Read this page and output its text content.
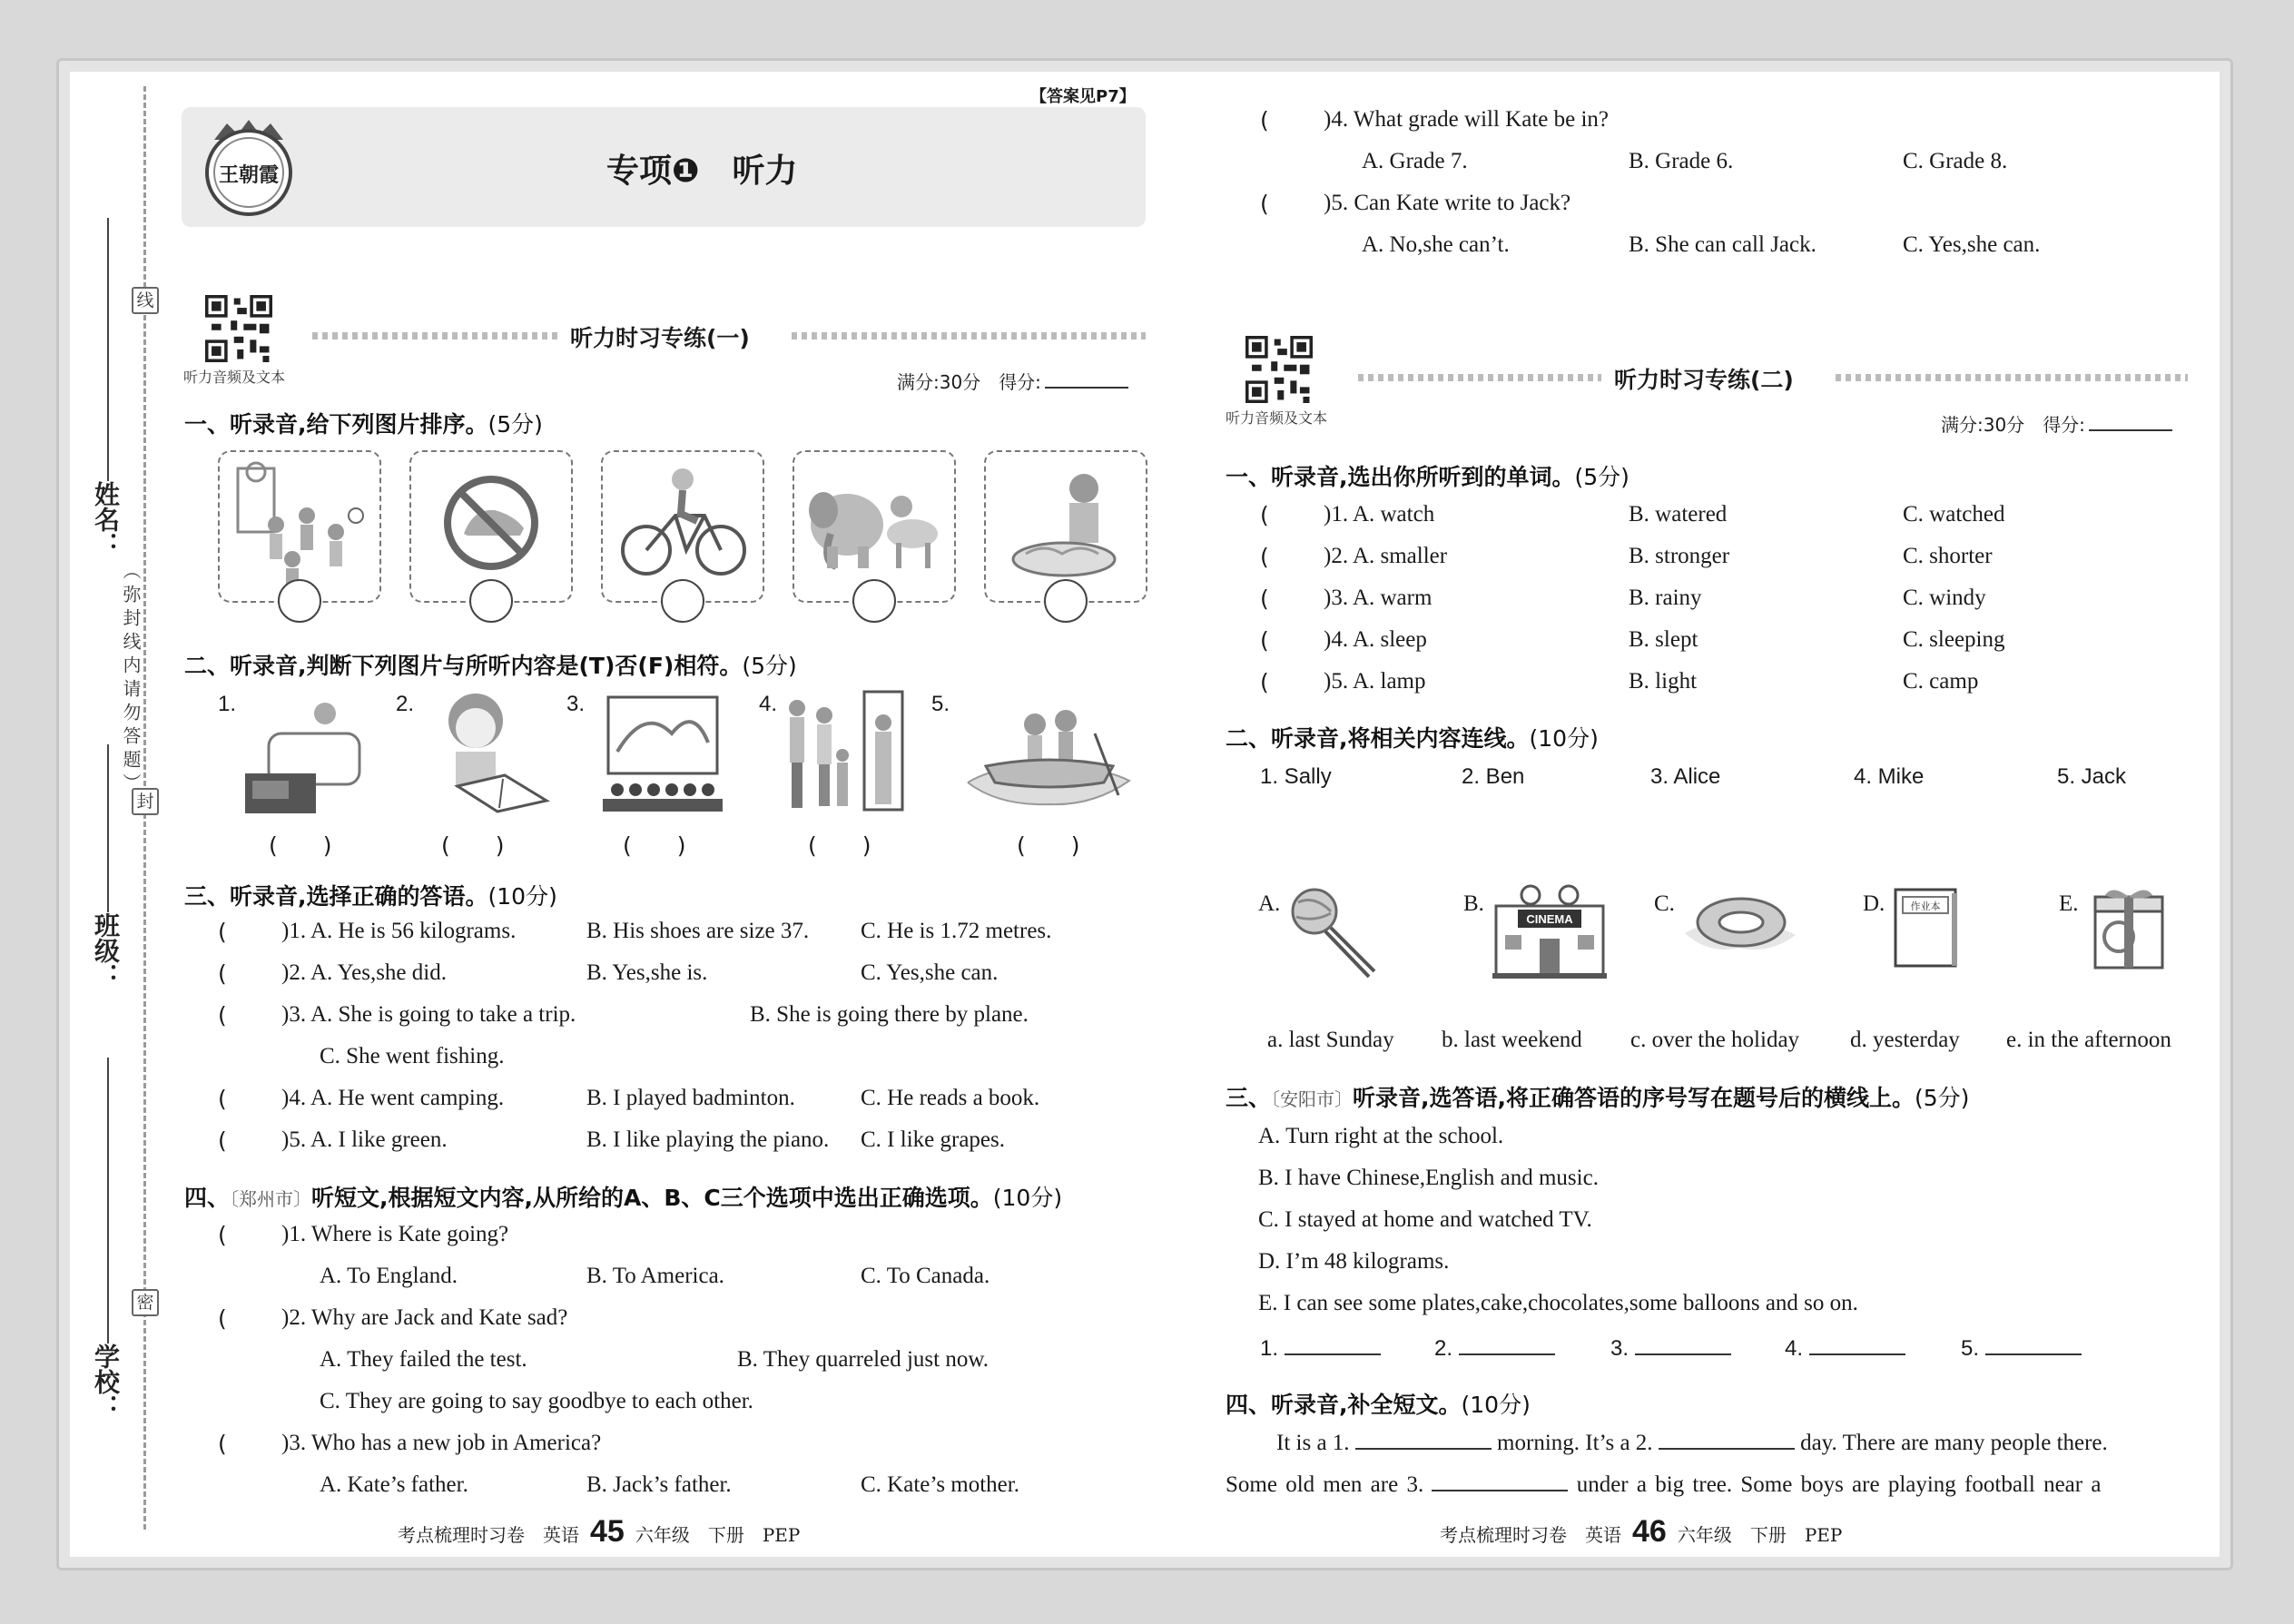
姓名：
班级：
学校：
线
封
密
（弥封线内请勿答题）
【答案见P7】
王朝霞	专项❶　听力
听力音频及文本
听力时习专练(一)
满分:30分　 得分:
一、听录音,给下列图片排序。(5分)
二、听录音,判断下列图片与所听内容是(T)否(F)相符。(5分)
1.
(　　)
2.
(　　)
3.
(　　)
4.
(　　)
5.
(　　)
三、听录音,选择正确的答语。(10分)
( )1. A. He is 56 kilograms.	B. His shoes are size 37. C. He is 1.72 metres.
( )2. A. Yes,she did.	B. Yes,she is.	C. Yes,she can.
( )3. A. She is going to take a trip.	B. She is going there by plane.
C. She went fishing.
( )4. A. He went camping.	B. I played badminton.	C. He reads a book.
( )5. A. I like green.	B. I like playing the piano. C. I like grapes.
四、〔郑州市〕听短文,根据短文内容,从所给的A、B、C三个选项中选出正确选项。(10分)
( )1. Where is Kate going?
A. To England.	B. To America.	C. To Canada.
( )2. Why are Jack and Kate sad?
A. They failed the test.	B. They quarreled just now.
C. They are going to say goodbye to each other.
( )3. Who has a new job in America?
A. Kate’s father.	B. Jack’s father.	C. Kate’s mother.
考点梳理时习卷　 英语 45 六年级　 下册　 PEP
( )4. What grade will Kate be in?
A. Grade 7.	B. Grade 6.	C. Grade 8.
( )5. Can Kate write to Jack?
A. No,she can’t.	B. She can call Jack.	C. Yes,she can.
听力音频及文本
听力时习专练(二)
满分:30分　 得分:
一、听录音,选出你所听到的单词。(5分)
( )1. A. watch	B. watered	C. watched
( )2. A. smaller	B. stronger	C. shorter
( )3. A. warm	B. rainy	C. windy
( )4. A. sleep	B. slept	C. sleeping
( )5. A. lamp	B. light	C. camp
二、听录音,将相关内容连线。(10分)
1. Sally	2. Ben	3. Alice	4. Mike	5. Jack
A.	B.
CINEMA
C.	D.	作业本	E.
a. last Sunday b. last weekend c. over the holiday d. yesterday e. in the afternoon
三、〔安阳市〕听录音,选答语,将正确答语的序号写在题号后的横线上。(5分)
A. Turn right at the school.
B. I have Chinese,English and music.
C. I stayed at home and watched TV.
D. I’m 48 kilograms.
E. I can see some plates,cake,chocolates,some balloons and so on.
1.	2.	3.	4.	5.
四、听录音,补全短文。(10分)
It is a 1.	morning. It’s a 2.	day. There are many people there.
Some old men are 3.	under a big tree. Some boys are playing football near a
考点梳理时习卷　 英语 46 六年级　 下册　 PEP
